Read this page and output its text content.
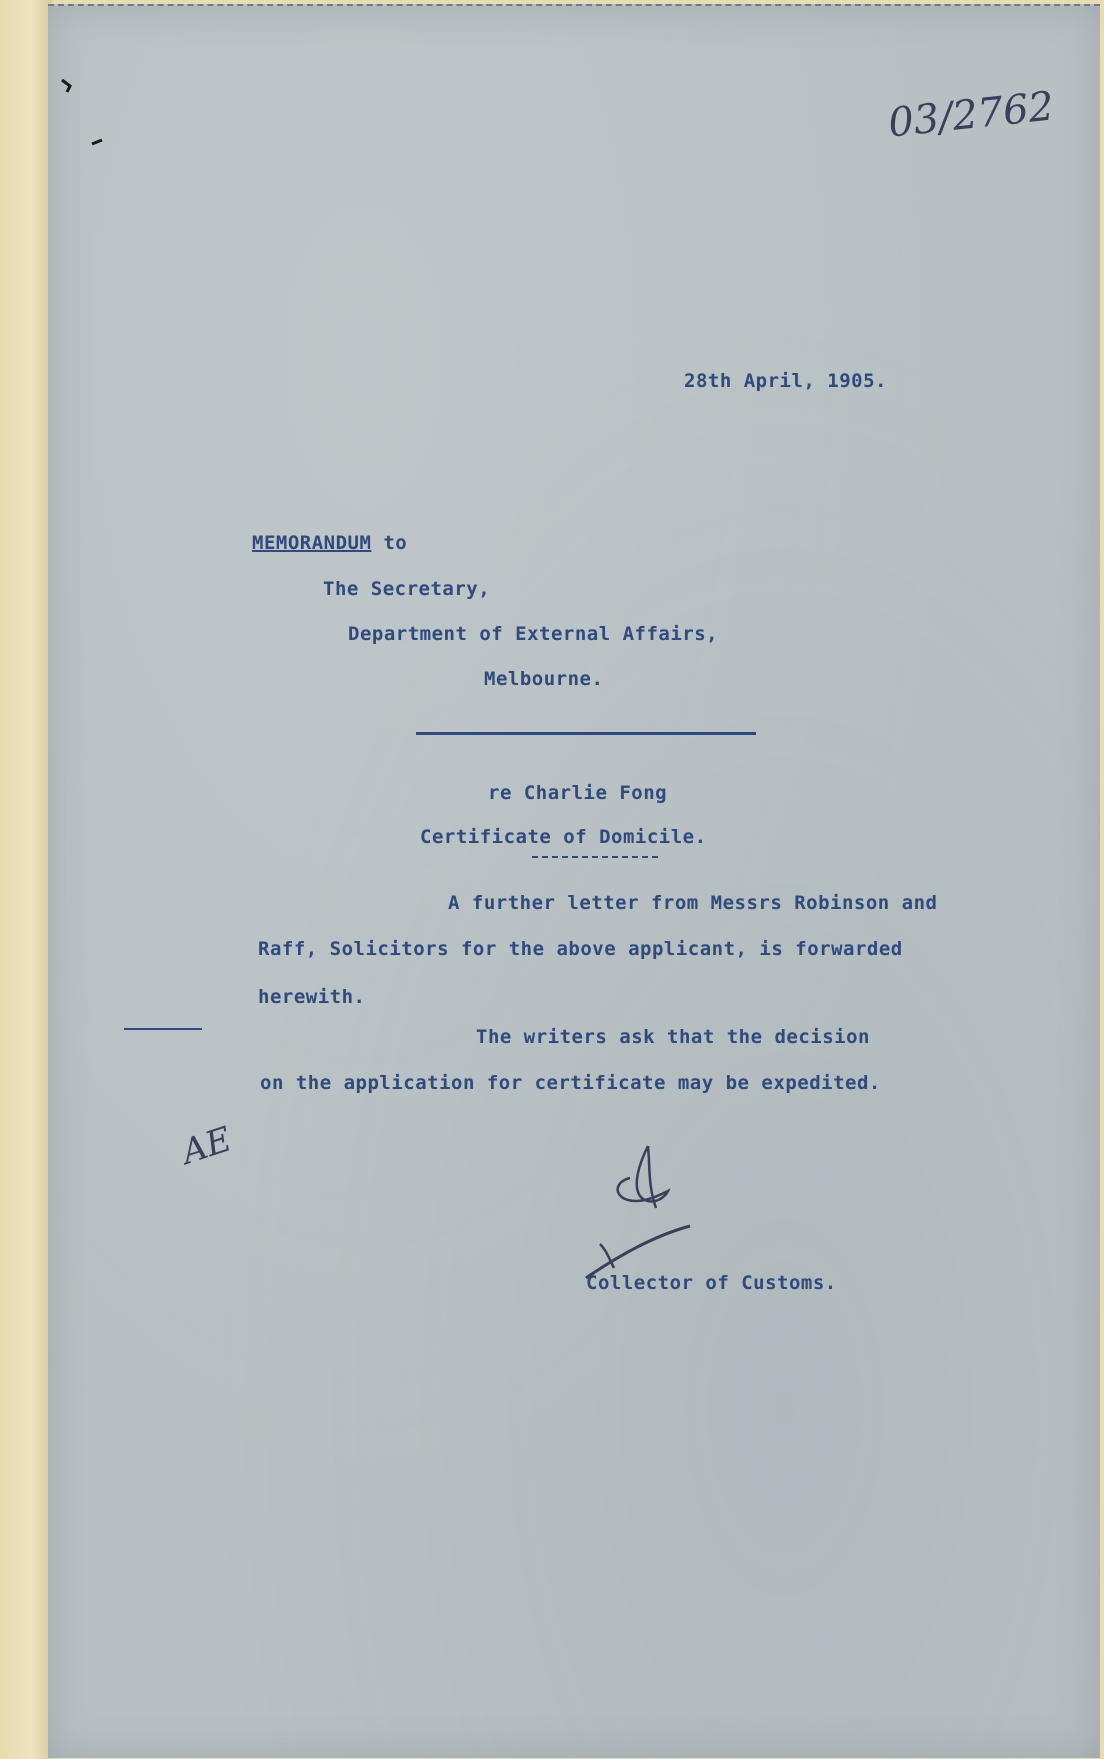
03/2762

28th April, 1905.

MEMORANDUM to

The Secretary,

Department of External Affairs,

Melbourne.

re Charlie Fong

Certificate of Domicile.

A further letter from Messrs Robinson and

Raff, Solicitors for the above applicant, is forwarded

herewith.

The writers ask that the decision

on the application for certificate may be expedited.

AE

Collector of Customs.
